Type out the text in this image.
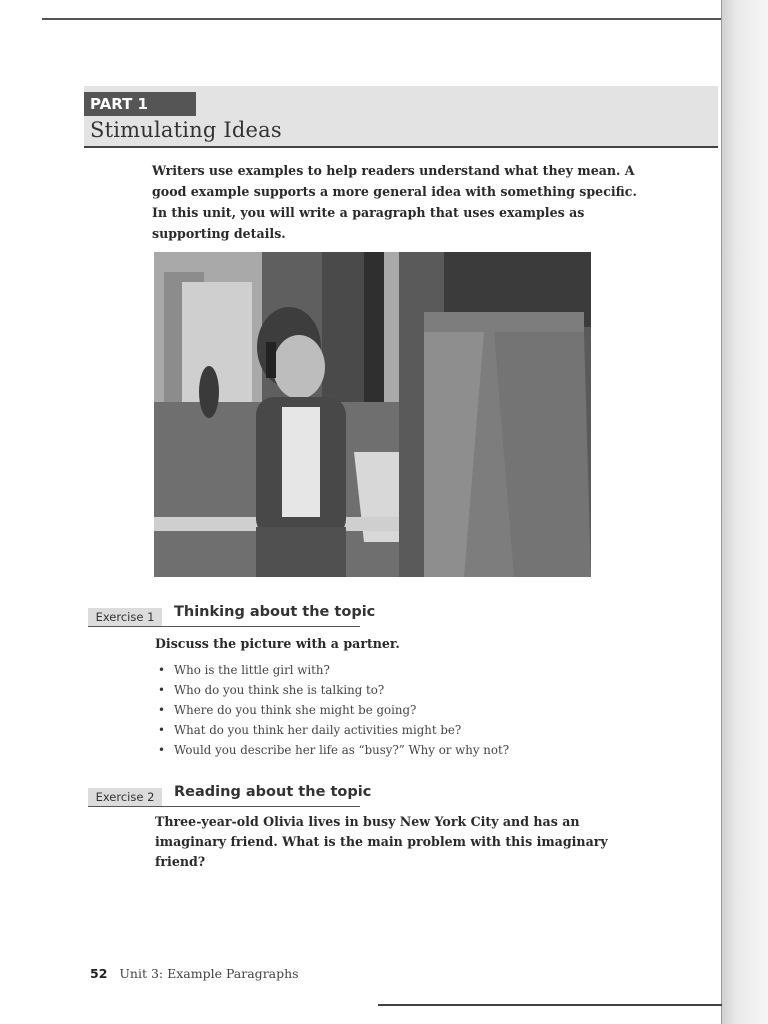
PART 1
Stimulating Ideas
Writers use examples to help readers understand what they mean. A good example supports a more general idea with something specific. In this unit, you will write a paragraph that uses examples as supporting details.
Exercise 1	Thinking about the topic
Discuss the picture with a partner.
• Who is the little girl with?
• Who do you think she is talking to?
• Where do you think she might be going?
• What do you think her daily activities might be?
• Would you describe her life as “busy?” Why or why not?
Exercise 2	Reading about the topic
Three-year-old Olivia lives in busy New York City and has an imaginary friend. What is the main problem with this imaginary friend?
52 Unit 3: Example Paragraphs
